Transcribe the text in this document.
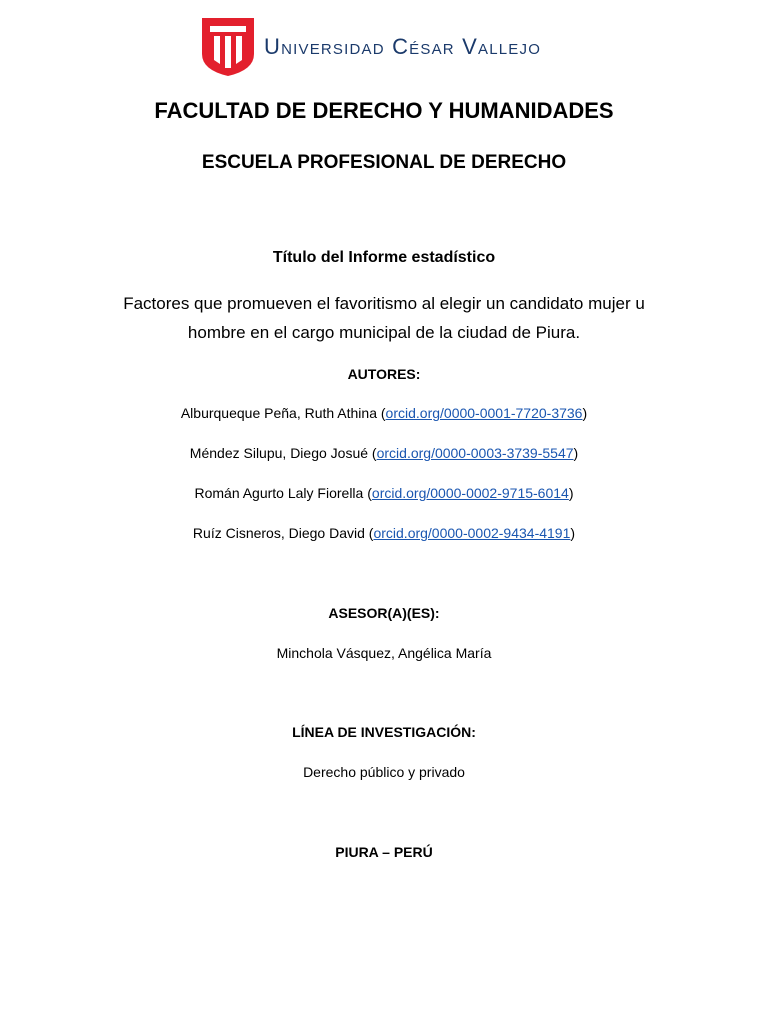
Universidad César Vallejo
FACULTAD DE DERECHO Y HUMANIDADES
ESCUELA PROFESIONAL DE DERECHO
Título del Informe estadístico
Factores que promueven el favoritismo al elegir un candidato mujer u hombre en el cargo municipal de la ciudad de Piura.
AUTORES:
Alburqueque Peña, Ruth Athina (orcid.org/0000-0001-7720-3736)
Méndez Silupu, Diego Josué (orcid.org/0000-0003-3739-5547)
Román Agurto Laly Fiorella (orcid.org/0000-0002-9715-6014)
Ruíz Cisneros, Diego David (orcid.org/0000-0002-9434-4191)
ASESOR(A)(ES):
Minchola Vásquez, Angélica María
LÍNEA DE INVESTIGACIÓN:
Derecho público y privado
PIURA – PERÚ
